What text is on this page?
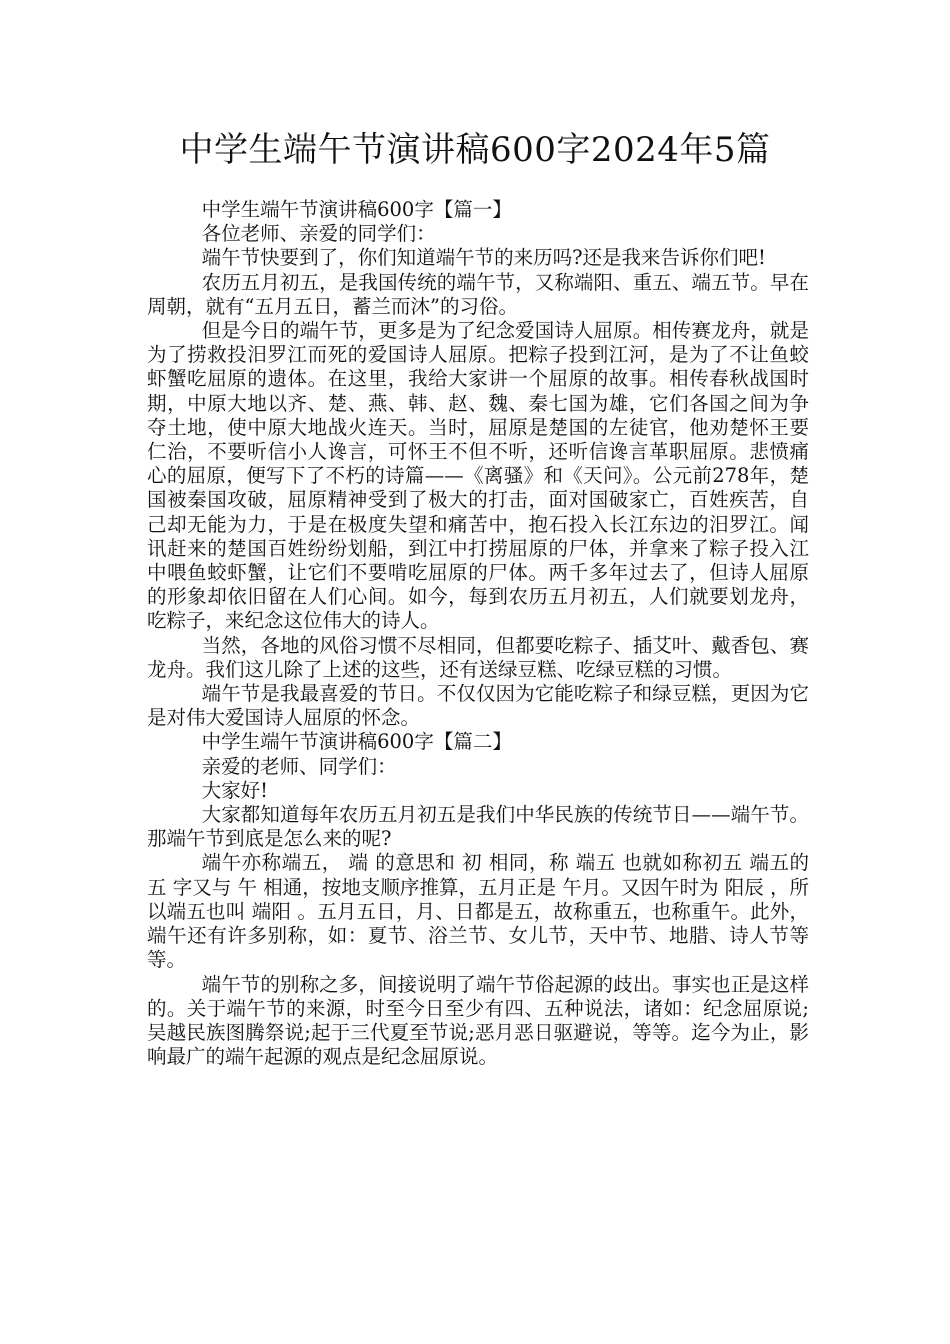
中学生端午节演讲稿600字2024年5篇

中学生端午节演讲稿600字【篇一】

各位老师、亲爱的同学们：

端午节快要到了，你们知道端午节的来历吗?还是我来告诉你们吧!

农历五月初五，是我国传统的端午节，又称端阳、重五、端五节。早在周朝，就有“五月五日，蓄兰而沐”的习俗。

但是今日的端午节，更多是为了纪念爱国诗人屈原。相传赛龙舟，就是为了捞救投汨罗江而死的爱国诗人屈原。把粽子投到江河，是为了不让鱼蛟虾蟹吃屈原的遗体。在这里，我给大家讲一个屈原的故事。相传春秋战国时期，中原大地以齐、楚、燕、韩、赵、魏、秦七国为雄，它们各国之间为争夺土地，使中原大地战火连天。当时，屈原是楚国的左徒官，他劝楚怀王要仁治，不要听信小人谗言，可怀王不但不听，还听信谗言革职屈原。悲愤痛心的屈原，便写下了不朽的诗篇——《离骚》和《天问》。公元前278年，楚国被秦国攻破，屈原精神受到了极大的打击，面对国破家亡，百姓疾苦，自己却无能为力，于是在极度失望和痛苦中，抱石投入长江东边的汨罗江。闻讯赶来的楚国百姓纷纷划船，到江中打捞屈原的尸体，并拿来了粽子投入江中喂鱼蛟虾蟹，让它们不要啃吃屈原的尸体。两千多年过去了，但诗人屈原的形象却依旧留在人们心间。如今，每到农历五月初五，人们就要划龙舟，吃粽子，来纪念这位伟大的诗人。

当然，各地的风俗习惯不尽相同，但都要吃粽子、插艾叶、戴香包、赛龙舟。我们这儿除了上述的这些，还有送绿豆糕、吃绿豆糕的习惯。

端午节是我最喜爱的节日。不仅仅因为它能吃粽子和绿豆糕，更因为它是对伟大爱国诗人屈原的怀念。

中学生端午节演讲稿600字【篇二】

亲爱的老师、同学们：

大家好!

大家都知道每年农历五月初五是我们中华民族的传统节日——端午节。那端午节到底是怎么来的呢?

端午亦称端五， 端 的意思和 初 相同，称 端五 也就如称初五 端五的 五 字又与 午 相通，按地支顺序推算，五月正是 午月。又因午时为 阳辰 ，所以端五也叫 端阳 。五月五日，月、日都是五，故称重五，也称重午。此外，端午还有许多别称，如：夏节、浴兰节、女儿节，天中节、地腊、诗人节等等。

端午节的别称之多，间接说明了端午节俗起源的歧出。事实也正是这样的。关于端午节的来源，时至今日至少有四、五种说法，诸如：纪念屈原说;吴越民族图腾祭说;起于三代夏至节说;恶月恶日驱避说，等等。迄今为止，影响最广的端午起源的观点是纪念屈原说。
